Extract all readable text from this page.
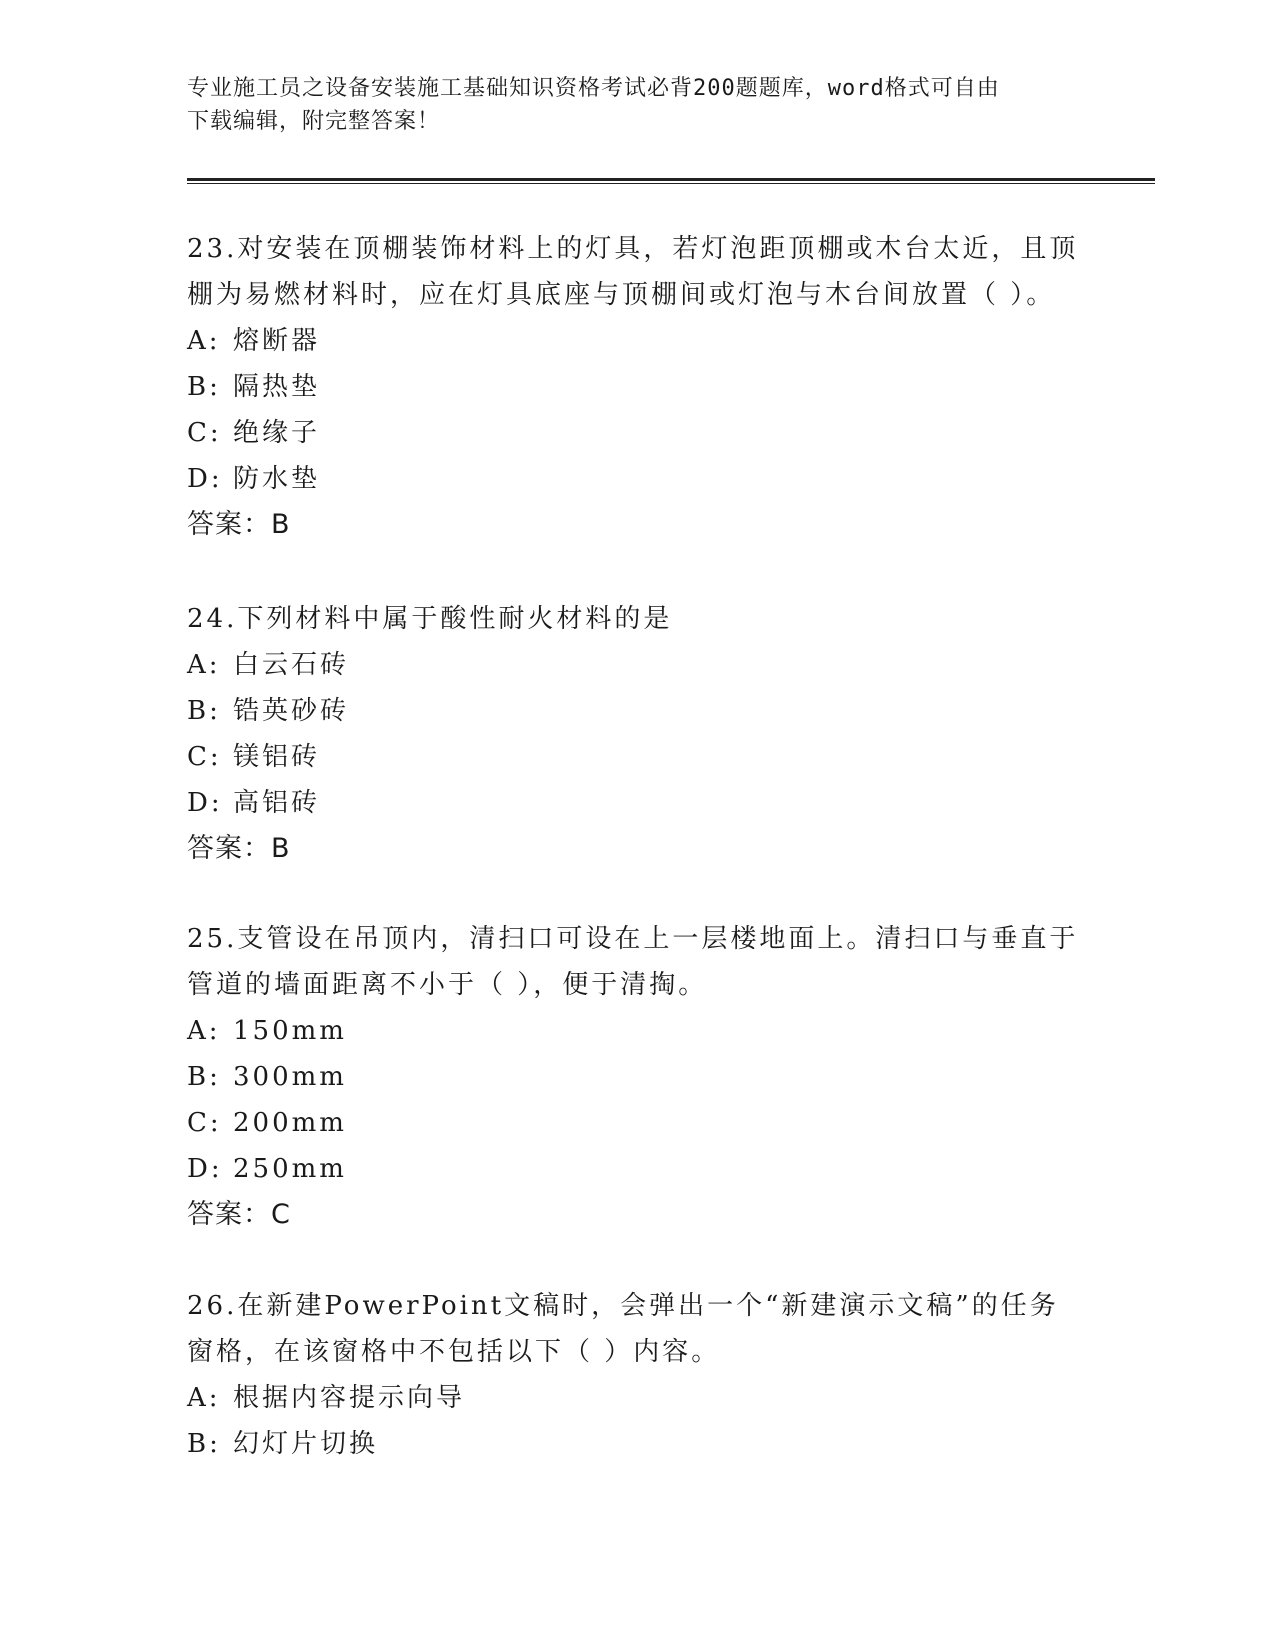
专业施工员之设备安装施工基础知识资格考试必背200题题库，word格式可自由
下载编辑，附完整答案！

23.对安装在顶棚装饰材料上的灯具，若灯泡距顶棚或木台太近，且顶

棚为易燃材料时，应在灯具底座与顶棚间或灯泡与木台间放置（ ）。

A: 熔断器

B: 隔热垫

C: 绝缘子

D: 防水垫

答案：B

24.下列材料中属于酸性耐火材料的是

A: 白云石砖

B: 锆英砂砖

C: 镁铝砖

D: 高铝砖

答案：B

25.支管设在吊顶内，清扫口可设在上一层楼地面上。清扫口与垂直于

管道的墙面距离不小于（ ），便于清掏。

A: 150mm

B: 300mm

C: 200mm

D: 250mm

答案：C

26.在新建PowerPoint文稿时，会弹出一个“新建演示文稿”的任务

窗格，在该窗格中不包括以下（ ）内容。

A: 根据内容提示向导

B: 幻灯片切换
